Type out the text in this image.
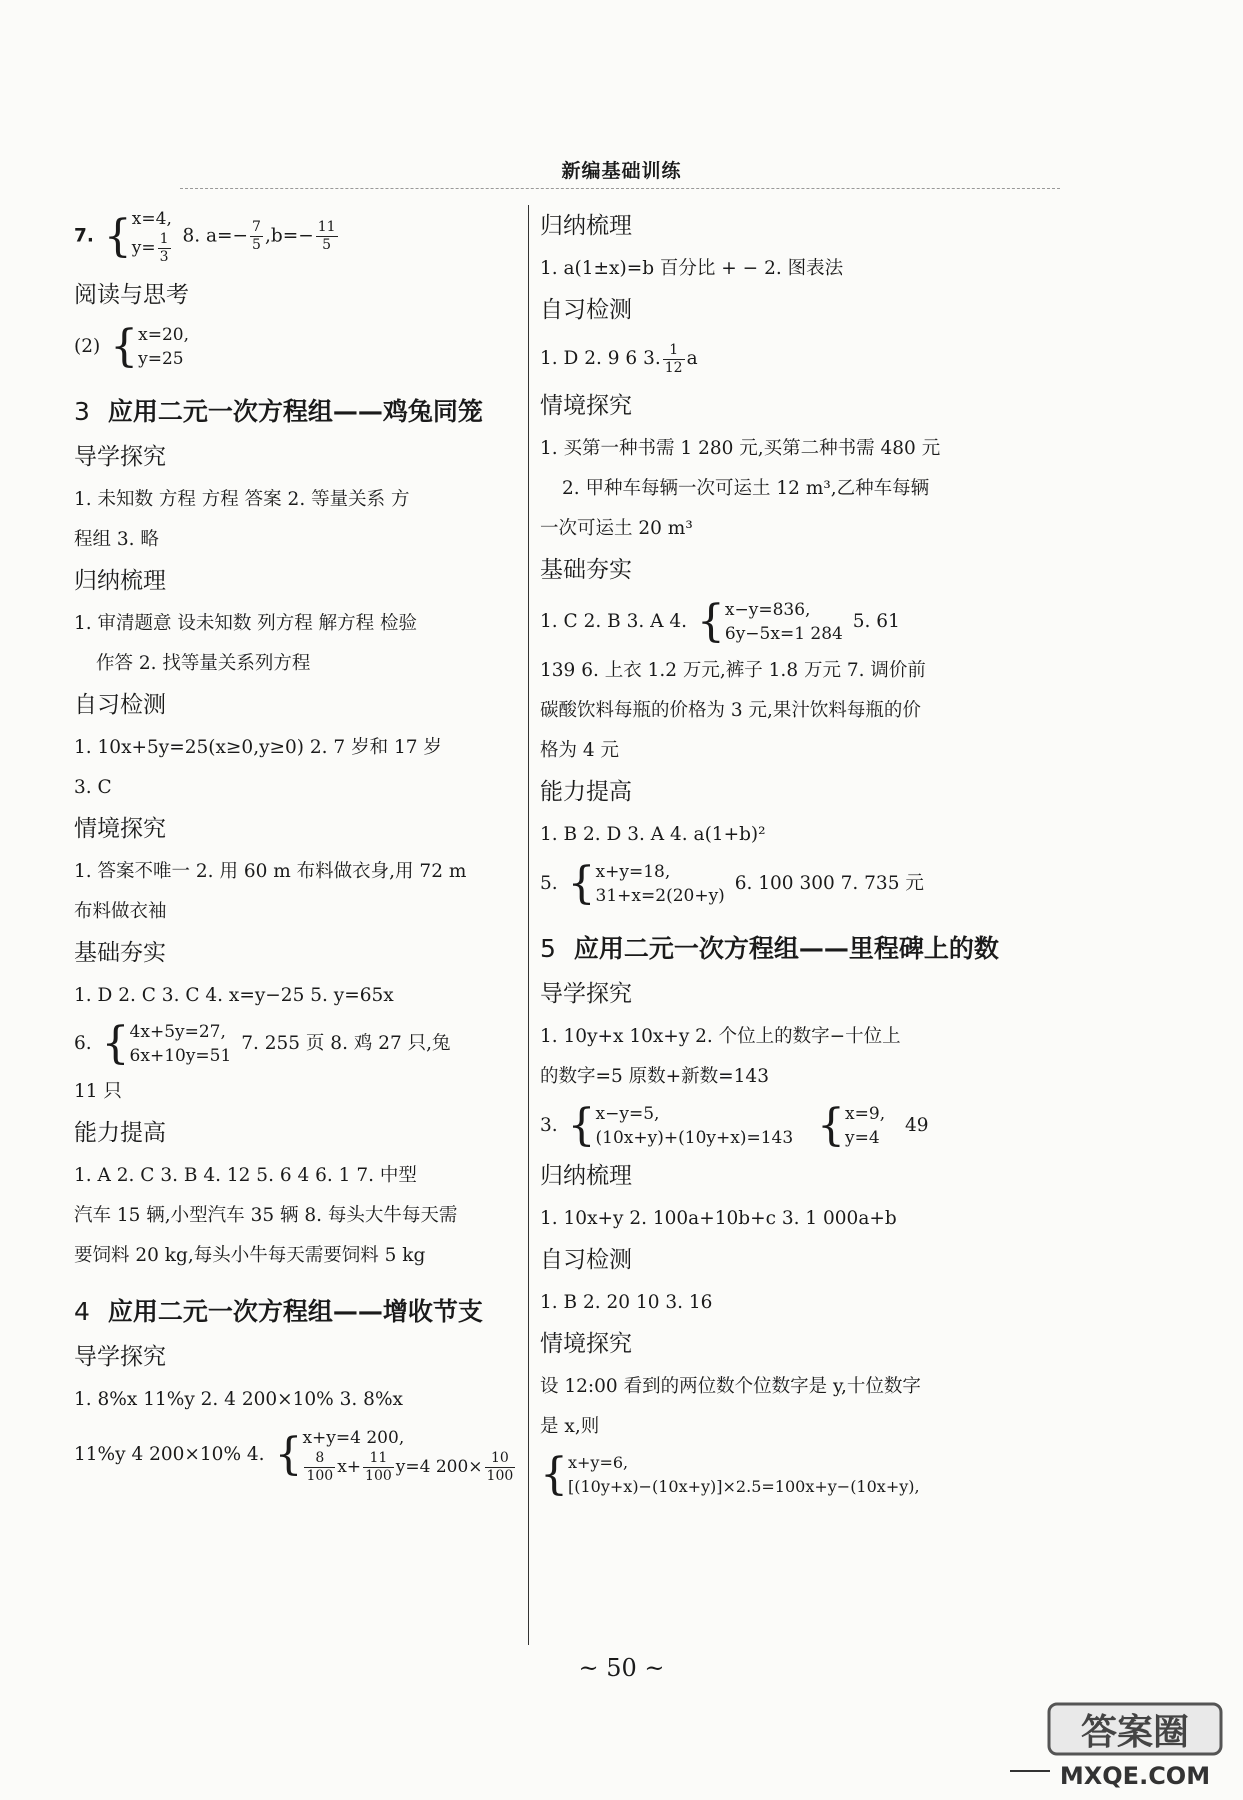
新编基础训练
7. {x=4,
$y= \frac{1}{3} 8$. $a=- \frac{7}{5} ,b=- \frac{11}{5}$
阅读与思考
(2) {x=20,
y=25
3 应用二元一次方程组——鸡兔同笼
导学探究
1. 未知数 方程 方程 答案 2. 等量关系 方
程组 3. 略
归纳梳理
1. 审清题意 设未知数 列方程 解方程 检验
作答 2. 找等量关系列方程
自习检测
1. 10x+5y=25(x≥0,y≥0) 2. 7 岁和 17 岁
3. C
情境探究
1. 答案不唯一 2. 用 60 m 布料做衣身,用 72 m
布料做衣袖
基础夯实
1. D 2. C 3. C 4. x=y−25 5. y=65x
6. {4x+5y=27,
6x+10y=51 7. 255 页 8. 鸡 27 只,兔
11 只
能力提高
1. A 2. C 3. B 4. 12 5. 6 4 6. 1 7. 中型
汽车 15 辆,小型汽车 35 辆 8. 每头大牛每天需
要饲料 20 kg,每头小牛每天需要饲料 5 kg
4 应用二元一次方程组——增收节支
导学探究
1. 8%x 11%y 2. 4 200×10% 3. 8%x
11%y 4 200×10% 4. {x+y=4 200,

$\frac{8}{100} x+ \frac{11}{100} y=4$ $200\times \frac{10}{100}$
归纳梳理
1. a(1±x)=b 百分比 + − 2. 图表法
自习检测
1. D 2. 9 6 3. $\frac{1}{12}$ a
情境探究
1. 买第一种书需 1 280 元,买第二种书需 480 元
2. 甲种车每辆一次可运土 12 m³,乙种车每辆
一次可运土 20 m³
基础夯实
1. C 2. B 3. A 4. {x−y=836,
6y−5x=1 284 5. 61
139 6. 上衣 1.2 万元,裤子 1.8 万元 7. 调价前
碳酸饮料每瓶的价格为 3 元,果汁饮料每瓶的价
格为 4 元
能力提高
1. B 2. D 3. A 4. a(1+b)²
5. {x+y=18,
31+x=2(20+y) 6. 100 300 7. 735 元
5 应用二元一次方程组——里程碑上的数
导学探究
1. 10y+x 10x+y 2. 个位上的数字−十位上
的数字=5 原数+新数=143
3. {x−y=5,
(10x+y)+(10y+x)=143 {x=9,
y=4 49
归纳梳理
1. 10x+y 2. 100a+10b+c 3. 1 000a+b
自习检测
1. B 2. 20 10 3. 16
情境探究
设 12:00 看到的两位数个位数字是 y,十位数字
是 x,则
{x+y=6,
[(10y+x)−(10x+y)]×2.5=100x+y−(10x+y),
~ 50 ~
答案圈
MXQE.COM
